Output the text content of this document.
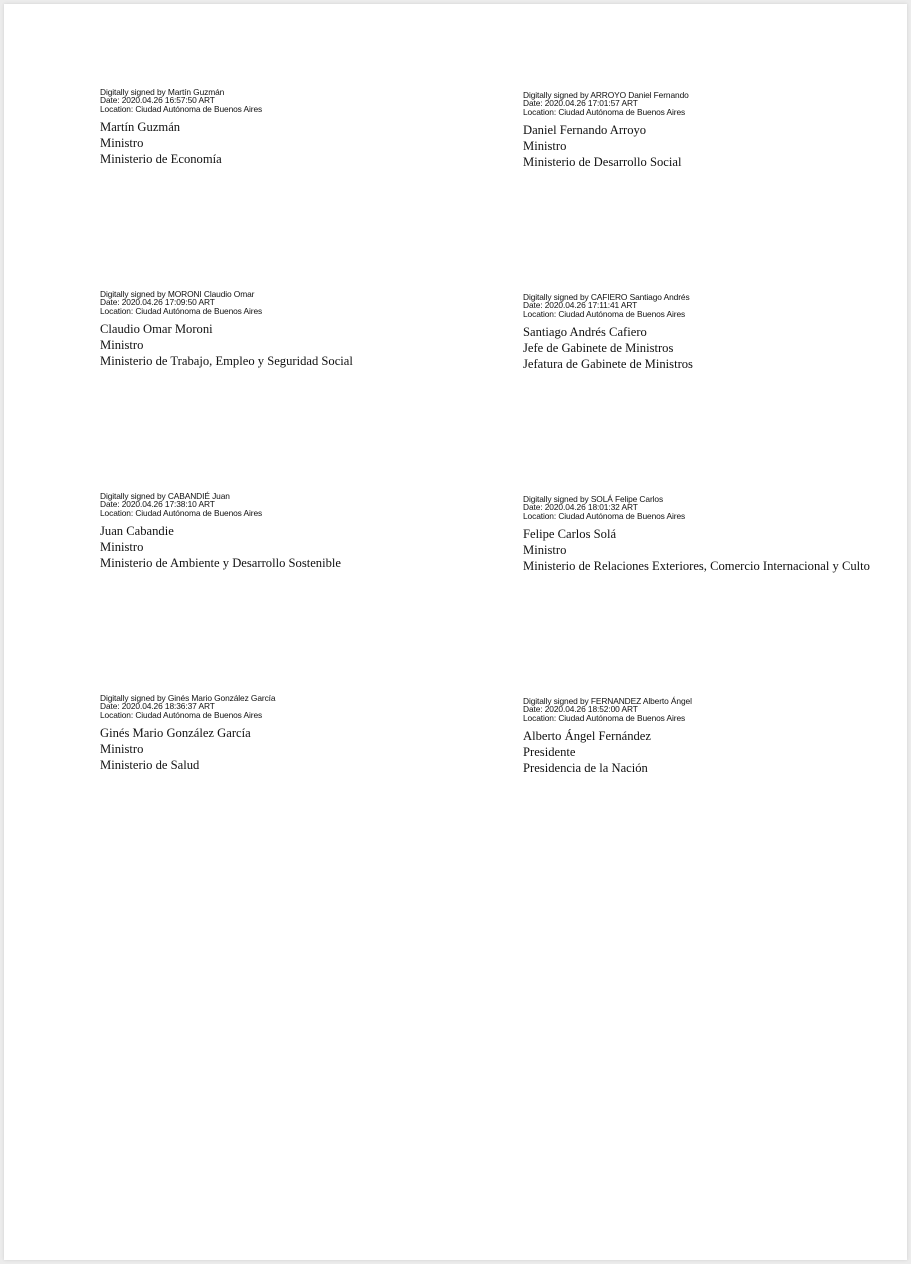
Digitally signed by Martín Guzmán
Date: 2020.04.26 16:57:50 ART
Location: Ciudad Autónoma de Buenos Aires
Martín Guzmán
Ministro
Ministerio de Economía
Digitally signed by ARROYO Daniel Fernando
Date: 2020.04.26 17:01:57 ART
Location: Ciudad Autónoma de Buenos Aires
Daniel Fernando Arroyo
Ministro
Ministerio de Desarrollo Social
Digitally signed by MORONI Claudio Omar
Date: 2020.04.26 17:09:50 ART
Location: Ciudad Autónoma de Buenos Aires
Claudio Omar Moroni
Ministro
Ministerio de Trabajo, Empleo y Seguridad Social
Digitally signed by CAFIERO Santiago Andrés
Date: 2020.04.26 17:11:41 ART
Location: Ciudad Autónoma de Buenos Aires
Santiago Andrés Cafiero
Jefe de Gabinete de Ministros
Jefatura de Gabinete de Ministros
Digitally signed by CABANDIÉ Juan
Date: 2020.04.26 17:38:10 ART
Location: Ciudad Autónoma de Buenos Aires
Juan Cabandie
Ministro
Ministerio de Ambiente y Desarrollo Sostenible
Digitally signed by SOLÁ Felipe Carlos
Date: 2020.04.26 18:01:32 ART
Location: Ciudad Autónoma de Buenos Aires
Felipe Carlos Solá
Ministro
Ministerio de Relaciones Exteriores, Comercio Internacional y Culto
Digitally signed by Ginés Mario González García
Date: 2020.04.26 18:36:37 ART
Location: Ciudad Autónoma de Buenos Aires
Ginés Mario González García
Ministro
Ministerio de Salud
Digitally signed by FERNANDEZ Alberto Ángel
Date: 2020.04.26 18:52:00 ART
Location: Ciudad Autónoma de Buenos Aires
Alberto Ángel Fernández
Presidente
Presidencia de la Nación
